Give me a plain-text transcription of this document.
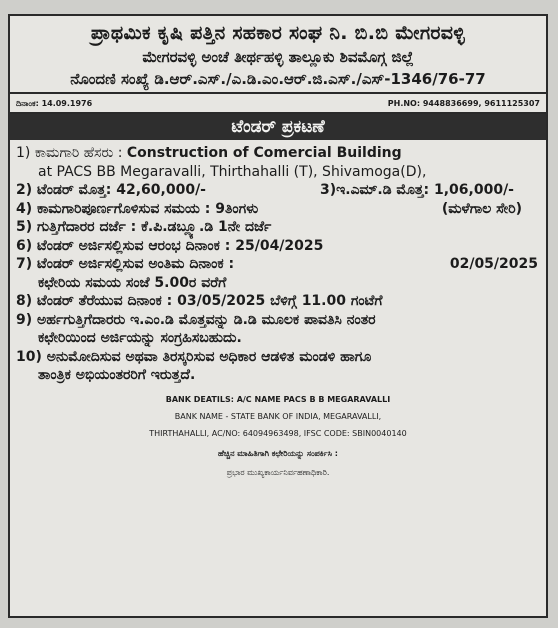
ಪ್ರಾಥಮಿಕ ಕೃಷಿ ಪತ್ತಿನ ಸಹಕಾರ ಸಂಘ ನಿ. ಬಿ.ಬಿ ಮೇಗರವಳ್ಳಿ
ಮೇಗರವಳ್ಳಿ ಅಂಚೆ ತೀರ್ಥಹಳ್ಳಿ ತಾಲ್ಲೂಕು ಶಿವಮೊಗ್ಗ ಜಿಲ್ಲೆ
ನೊಂದಣಿ ಸಂಖ್ಯೆ ಡಿ.ಆರ್.ಎಸ್./ಎ.ಡಿ.ಎಂ.ಆರ್.ಜಿ.ಎಸ್./ಎಸ್-1346/76-77
ದಿನಾಂಕ: 14.09.1976	PH.NO: 9448836699, 9611125307
ಟೆಂಡರ್ ಪ್ರಕಟಣೆ
1) ಕಾಮಗಾರಿ ಹೆಸರು : Construction of Comercial Building
at PACS BB Megaravalli, Thirthahalli (T), Shivamoga(D),
2) ಟೆಂಡರ್ ಮೊತ್ತ: 42,60,000/-	3)ಇ.ಎಮ್.ಡಿ ಮೊತ್ತ: 1,06,000/-
4) ಕಾಮಗಾರಿಪೂರ್ಣಗೊಳಿಸುವ ಸಮಯ : 9ತಿಂಗಳು	(ಮಳೆಗಾಲ ಸೇರಿ)
5) ಗುತ್ತಿಗೆದಾರರ ದರ್ಜೆ : ಕೆ.ಪಿ.ಡಬ್ಲ್ಯೂ.ಡಿ 1ನೇ ದರ್ಜೆ
6) ಟೆಂಡರ್ ಅರ್ಜಿಸಲ್ಲಿಸುವ ಆರಂಭ ದಿನಾಂಕ : 25/04/2025
7) ಟೆಂಡರ್ ಅರ್ಜಿಸಲ್ಲಿಸುವ ಅಂತಿಮ ದಿನಾಂಕ :	02/05/2025
ಕಛೇರಿಯ ಸಮಯ ಸಂಜೆ 5.00ರ ವರೆಗೆ
8) ಟೆಂಡರ್ ತೆರೆಯುವ ದಿನಾಂಕ : 03/05/2025 ಬೆಳಿಗ್ಗೆ 11.00 ಗಂಟೆಗೆ
9) ಅರ್ಹಗುತ್ತಿಗೆದಾರರು ಇ.ಎಂ.ಡಿ ಮೊತ್ತವನ್ನು ಡಿ.ಡಿ ಮೂಲಕ ಪಾವತಿಸಿ ನಂತರ
ಕಛೇರಿಯಿಂದ ಅರ್ಜಿಯನ್ನು ಸಂಗ್ರಹಿಸಬಹುದು.
10) ಅನುಮೋದಿಸುವ ಅಥವಾ ತಿರಸ್ಕರಿಸುವ ಅಧಿಕಾರ ಆಡಳಿತ ಮಂಡಳಿ ಹಾಗೂ
ತಾಂತ್ರಿಕ ಅಭಿಯಂತರರಿಗೆ ಇರುತ್ತದೆ.
BANK DEATILS: A/C NAME PACS B B MEGARAVALLI
BANK NAME - STATE BANK OF INDIA, MEGARAVALLI,
THIRTHAHALLI, AC/NO: 64094963498, IFSC CODE: SBIN0040140
ಹೆಚ್ಚಿನ ಮಾಹಿತಿಗಾಗಿ ಕಛೇರಿಯನ್ನು ಸಂಪರ್ಕಿಸಿ :
ಪ್ರಭಾರ ಮುಖ್ಯಕಾರ್ಯನಿರ್ವಹಣಾಧಿಕಾರಿ.
